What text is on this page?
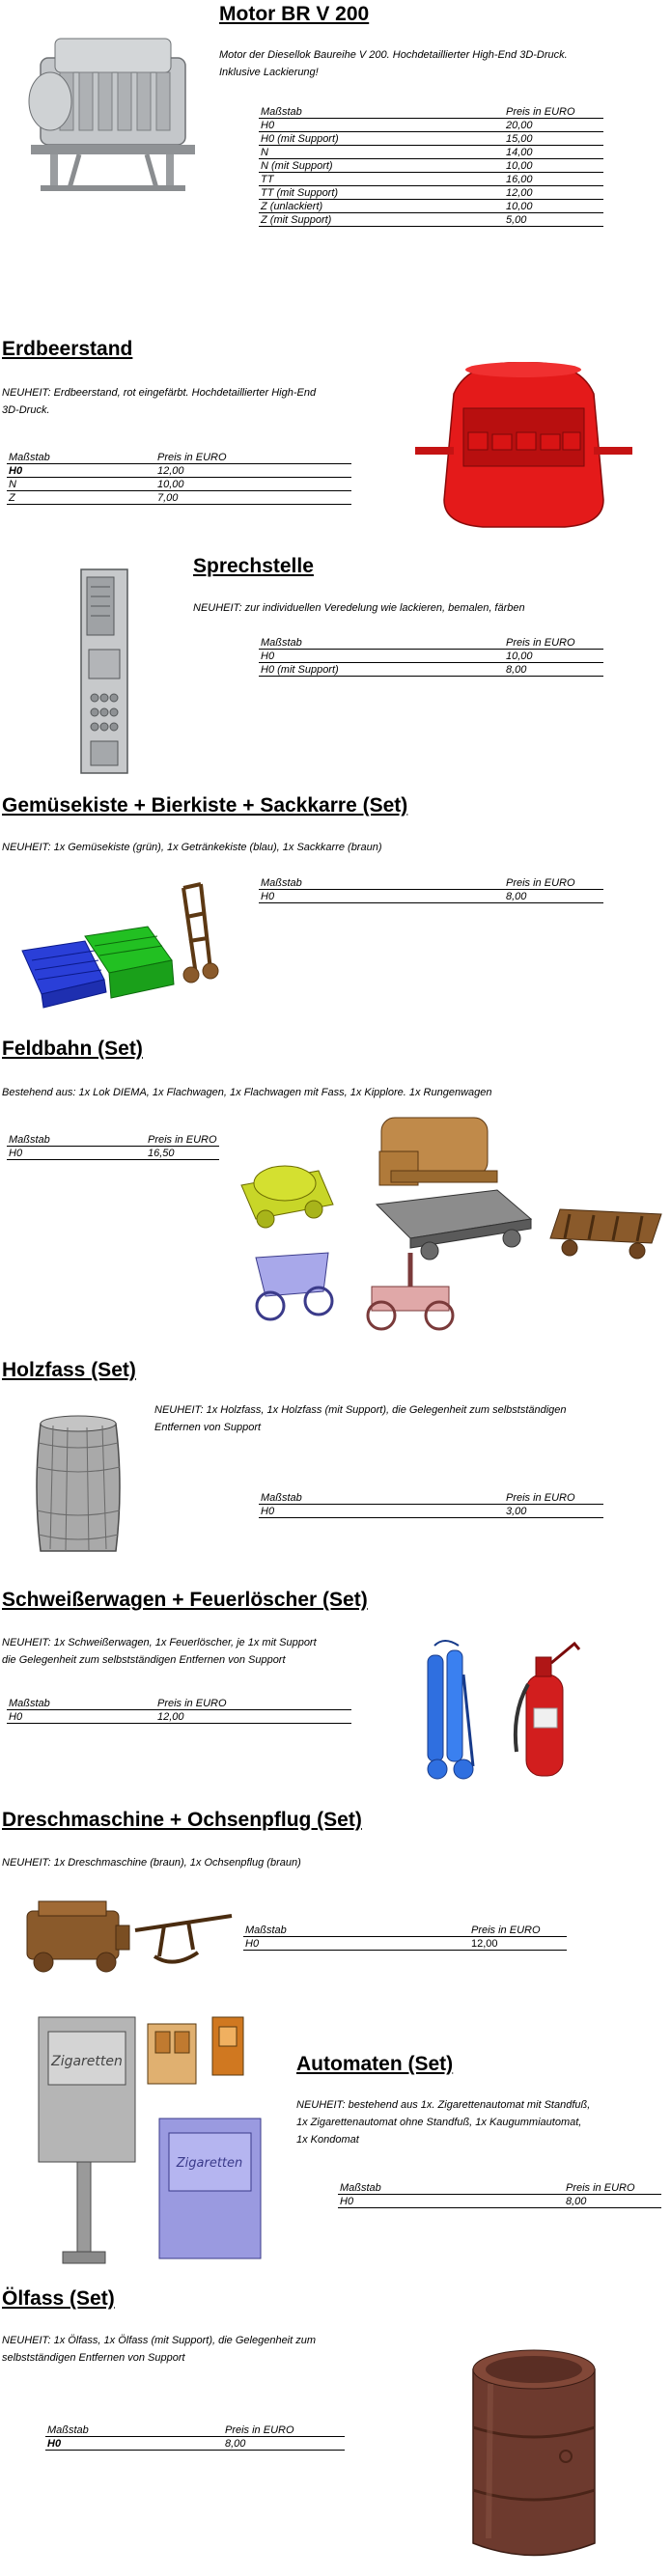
Motor BR V 200
Motor der Diesellok Baureihe V 200. Hochdetaillierter High-End 3D-Druck.
Inklusive Lackierung!
Maßstab	Preis in EURO
H0	20,00
H0 (mit Support)	15,00
N	14,00
N (mit Support)	10,00
TT	16,00
TT (mit Support)	12,00
Z (unlackiert)	10,00
Z (mit Support)	5,00
Erdbeerstand
NEUHEIT: Erdbeerstand, rot eingefärbt. Hochdetaillierter High-End
3D-Druck.
Maßstab	Preis in EURO
H0	12,00
N	10,00
Z	7,00
Sprechstelle
NEUHEIT: zur individuellen Veredelung wie lackieren, bemalen, färben
Maßstab	Preis in EURO
H0	10,00
H0 (mit Support)	8,00
Gemüsekiste + Bierkiste + Sackkarre (Set)
NEUHEIT: 1x Gemüsekiste (grün), 1x Getränkekiste (blau), 1x Sackkarre (braun)
Maßstab	Preis in EURO
H0	8,00
Feldbahn (Set)
Bestehend aus: 1x Lok DIEMA, 1x Flachwagen, 1x Flachwagen mit Fass, 1x Kipplore. 1x Rungenwagen
Maßstab	Preis in EURO
H0	16,50
Holzfass (Set)
NEUHEIT: 1x Holzfass, 1x Holzfass (mit Support), die Gelegenheit zum selbstständigen
Entfernen von Support
Maßstab	Preis in EURO
H0	3,00
Schweißerwagen + Feuerlöscher (Set)
NEUHEIT: 1x Schweißerwagen, 1x Feuerlöscher, je 1x mit Support
die Gelegenheit zum selbstständigen Entfernen von Support
Maßstab	Preis in EURO
H0	12,00
Dreschmaschine + Ochsenpflug (Set)
NEUHEIT: 1x Dreschmaschine (braun), 1x Ochsenpflug (braun)
Maßstab	Preis in EURO
H0	12,00
Zigaretten
Zigaretten
Automaten (Set)
NEUHEIT: bestehend aus 1x. Zigarettenautomat mit Standfuß,
1x Zigarettenautomat ohne Standfuß, 1x Kaugummiautomat,
1x Kondomat
Maßstab	Preis in EURO
H0	8,00
Ölfass (Set)
NEUHEIT: 1x Ölfass, 1x Ölfass (mit Support), die Gelegenheit zum
selbstständigen Entfernen von Support
Maßstab	Preis in EURO
H0	8,00
